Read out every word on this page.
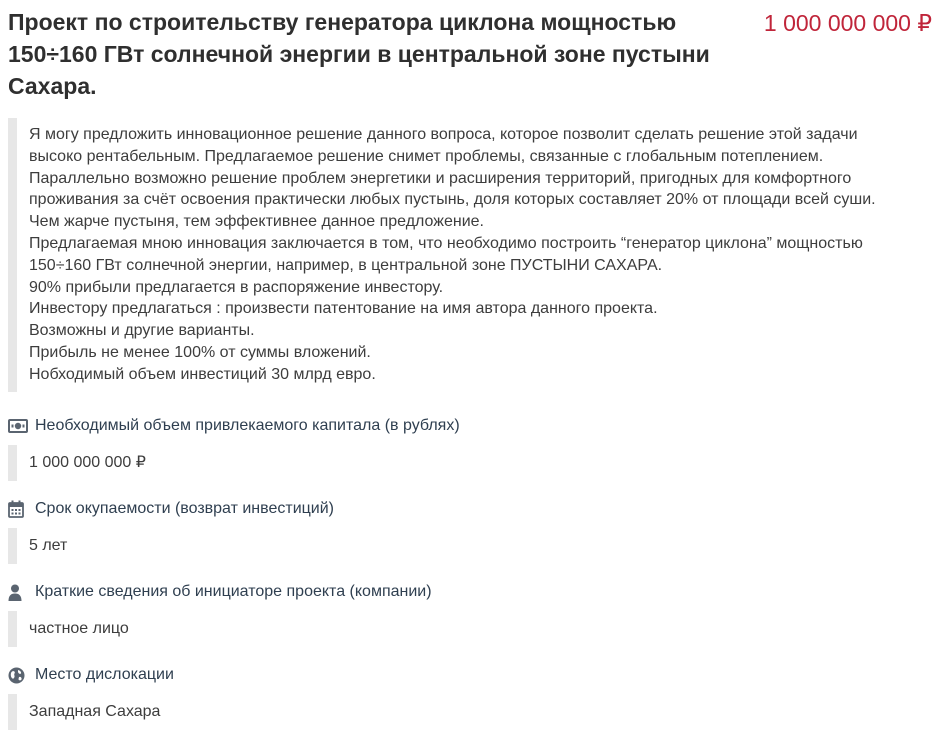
Проект по строительству генератора циклона мощностью 150÷160 ГВт солнечной энергии в центральной зоне пустыни Сахара.
1 000 000 000 ₽

Я могу предложить инновационное решение данного вопроса, которое позволит сделать решение этой задачи

высоко рентабельным. Предлагаемое решение снимет проблемы, связанные с глобальным потеплением.

Параллельно возможно решение проблем энергетики и расширения территорий, пригодных для комфортного

проживания за счёт освоения практически любых пустынь, доля которых составляет 20% от площади всей суши.

Чем жарче пустыня, тем эффективнее данное предложение.

Предлагаемая мною инновация заключается в том, что необходимо построить “генератор циклона” мощностью

150÷160 ГВт солнечной энергии, например, в центральной зоне ПУСТЫНИ САХАРА.

90% прибыли предлагается в распоряжение инвестору.

Инвестору предлагаться : произвести патентование на имя автора данного проекта.

Возможны и другие варианты.

Прибыль не менее 100% от суммы вложений.

Нобходимый объем инвестиций 30 млрд евро.

Необходимый объем привлекаемого капитала (в рублях)
1 000 000 000 ₽
Срок окупаемости (возврат инвестиций)
5 лет
Краткие сведения об инициаторе проекта (компании)
частное лицо
Место дислокации
Западная Сахара
